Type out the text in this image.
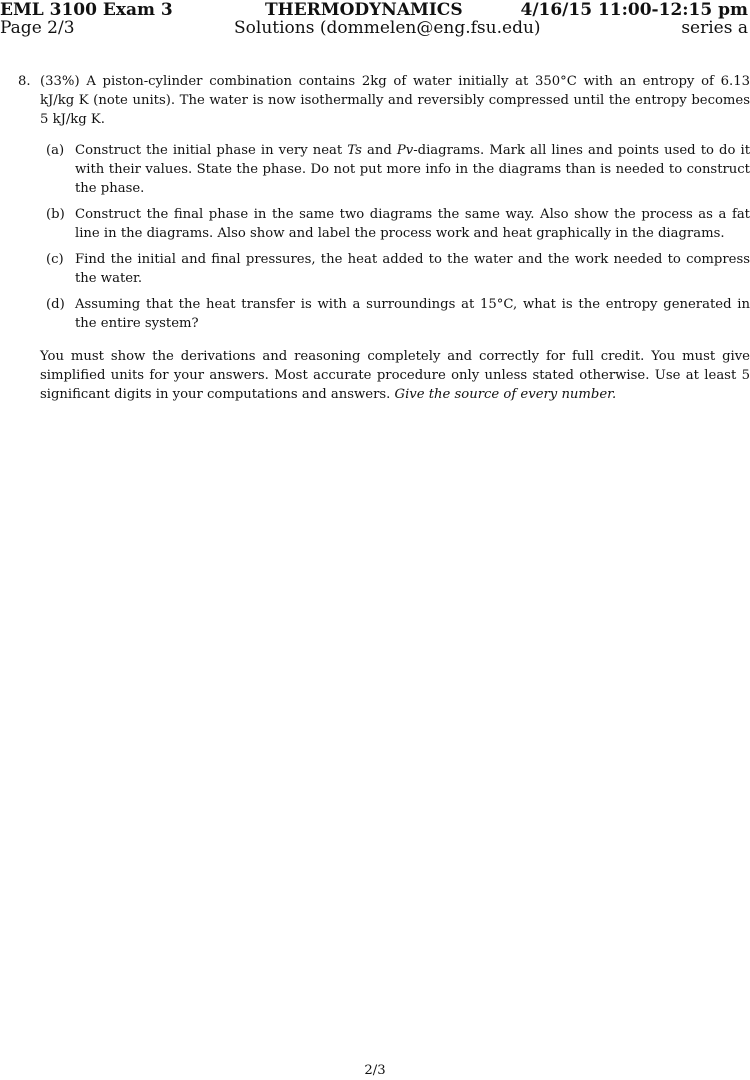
EML 3100 Exam 3	THERMODYNAMICS	4/16/15 11:00-12:15 pm
Page 2/3	Solutions (dommelen@eng.fsu.edu)	series a
8. (33%) A piston-cylinder combination contains 2kg of water initially at 350°C with an entropy of 6.13 kJ/kg K (note units). The water is now isothermally and reversibly compressed until the entropy becomes 5 kJ/kg K.
(a) Construct the initial phase in very neat Ts and Pv-diagrams. Mark all lines and points used to do it with their values. State the phase. Do not put more info in the diagrams than is needed to construct the phase.
(b) Construct the final phase in the same two diagrams the same way. Also show the process as a fat line in the diagrams. Also show and label the process work and heat graphically in the diagrams.
(c) Find the initial and final pressures, the heat added to the water and the work needed to compress the water.
(d) Assuming that the heat transfer is with a surroundings at 15°C, what is the entropy generated in the entire system?
You must show the derivations and reasoning completely and correctly for full credit. You must give simplified units for your answers. Most accurate procedure only unless stated otherwise. Use at least 5 significant digits in your computations and answers. Give the source of every number.
2/3
